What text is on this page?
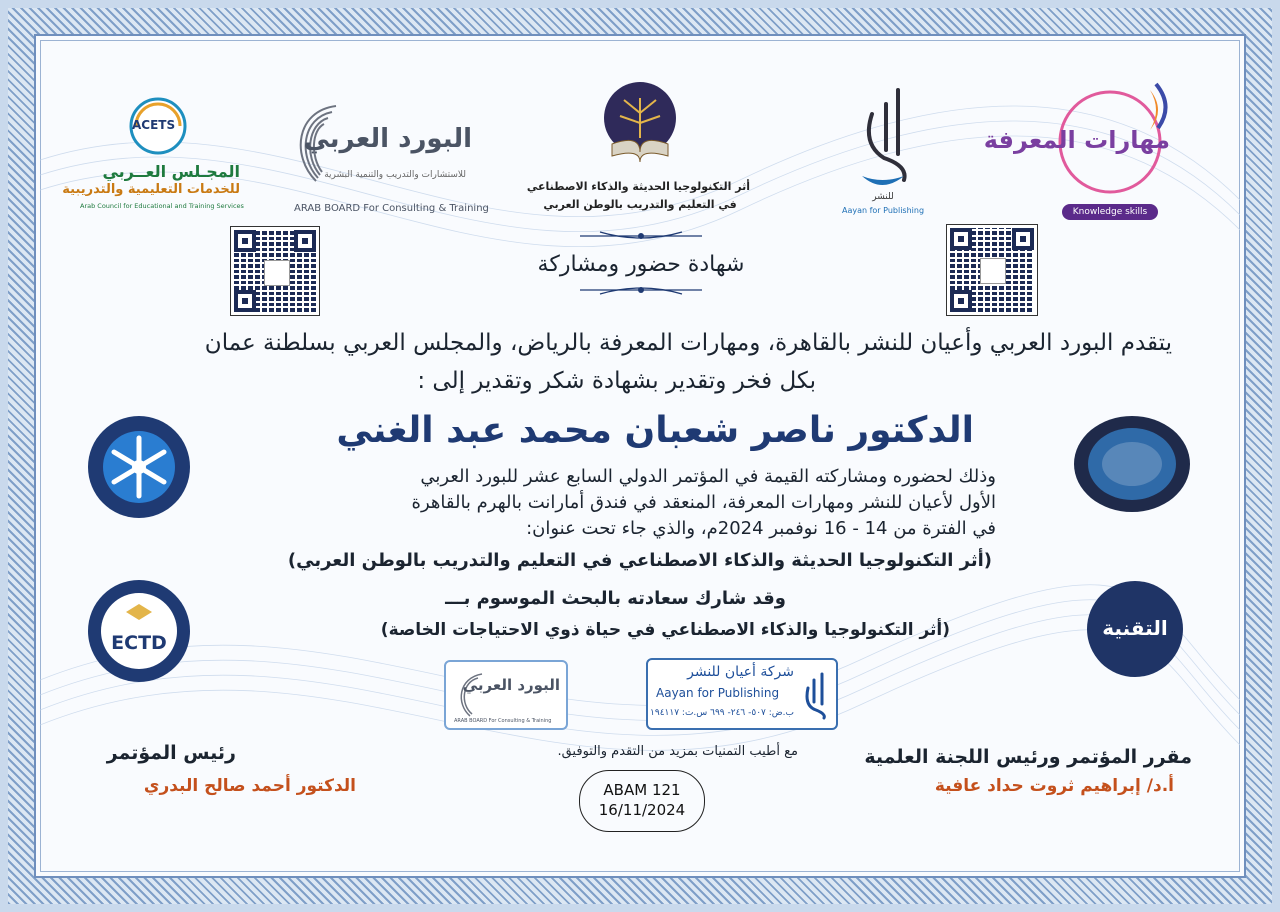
ACETS
المجـلس العــربي
للخدمات التعليمية والتدريبية
Arab Council for Educational and Training Services
البورد العربي
للاستشارات والتدريب والتنمية البشرية
ARAB BOARD For Consulting & Training
أثر التكنولوجيا الحديثة والذكاء الاصطناعي
في التعليم والتدريب بالوطن العربي
شهادة حضور ومشاركة
للنشر
Aayan for Publishing
مهارات المعرفة
Knowledge skills
يتقدم البورد العربي وأعيان للنشر بالقاهرة، ومهارات المعرفة بالرياض، والمجلس العربي بسلطنة عمان
بكل فخر وتقدير بشهادة شكر وتقدير إلى :
الدكتور ناصر شعبان محمد عبد الغني
وذلك لحضوره ومشاركته القيمة في المؤتمر الدولي السابع عشر للبورد العربي
الأول لأعيان للنشر ومهارات المعرفة، المنعقد في فندق أمارانت بالهرم بالقاهرة
في الفترة من 14 - 16 نوفمبر 2024م، والذي جاء تحت عنوان:
(أثر التكنولوجيا الحديثة والذكاء الاصطناعي في التعليم والتدريب بالوطن العربي)
وقد شارك سعادته بالبحث الموسوم بـــ
(أثر التكنولوجيا والذكاء الاصطناعي في حياة ذوي الاحتياجات الخاصة)
ECTD
التقنية
البورد العربي
ARAB BOARD For Consulting & Training
شركة أعيان للنشر
Aayan for Publishing
ب.ض: ٥٠٧- ٢٤٦- ٦٩٩ س.ت: ١٩٤١١٧
مع أطيب التمنيات بمزيد من التقدم والتوفيق.
ABAM 121
16/11/2024
رئيس المؤتمر
الدكتور أحمد صالح البدري
مقرر المؤتمر ورئيس اللجنة العلمية
أ.د/ إبراهيم ثروت حداد عافية
